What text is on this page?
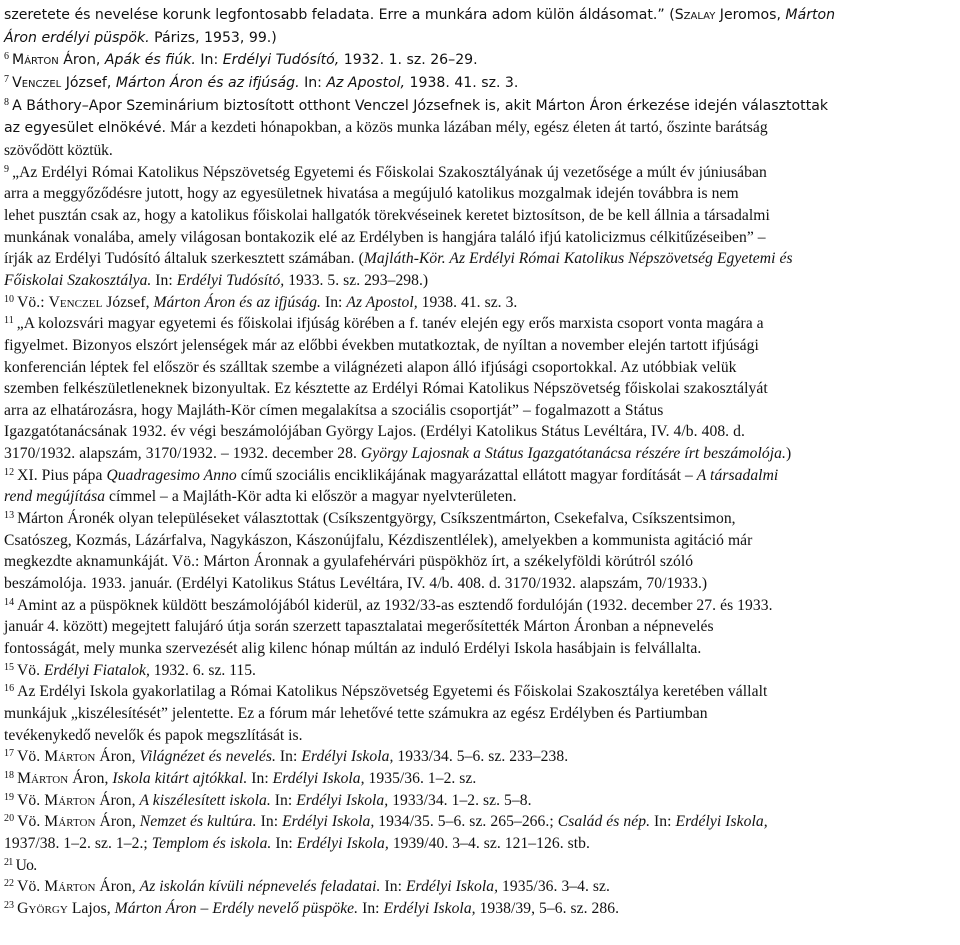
szeretete és nevelése korunk legfontosabb feladata. Erre a munkára adom külön áldásomat.” (Szalay Jeromos, Márton
Áron erdélyi püspök. Párizs, 1953, 99.)
$^6$ Márton Áron, Apák és fiúk. In: Erdélyi Tudósító, 1932. 1. sz. 26–29.
$^7$ Venczel József, Márton Áron és az ifjúság. In: Az Apostol, 1938. 41. sz. 3.
$^8$ A Báthory–Apor Szeminárium biztosított otthont Venczel Józsefnek is, akit Márton Áron érkezése idején választottak
az egyesület elnökévé. Már a kezdeti hónapokban, a közös munka lázában mély, egész életen át tartó, őszinte barátság
szövődött köztük.
$^9$ „Az Erdélyi Római Katolikus Népszövetség Egyetemi és Főiskolai Szakosztályának új vezetősége a múlt év júniusában
arra a meggyőződésre jutott, hogy az egyesületnek hivatása a megújuló katolikus mozgalmak idején továbbra is nem
lehet pusztán csak az, hogy a katolikus főiskolai hallgatók törekvéseinek keretet biztosítson, de be kell állnia a társadalmi
munkának vonalába, amely világosan bontakozik elé az Erdélyben is hangjára találó ifjú katolicizmus célkitűzéseiben” –
írják az Erdélyi Tudósító általuk szerkesztett számában. (Majláth-Kör. Az Erdélyi Római Katolikus Népszövetség Egyetemi és
Főiskolai Szakosztálya. In: Erdélyi Tudósító, 1933. 5. sz. 293–298.)
$^{10}$ Vö.: Venczel József, Márton Áron és az ifjúság. In: Az Apostol, 1938. 41. sz. 3.
$^{11}$ „A kolozsvári magyar egyetemi és főiskolai ifjúság körében a f. tanév elején egy erős marxista csoport vonta magára a
figyelmet. Bizonyos elszórt jelenségek már az előbbi években mutatkoztak, de nyíltan a november elején tartott ifjúsági
konferencián léptek fel először és szálltak szembe a világnézeti alapon álló ifjúsági csoportokkal. Az utóbbiak velük
szemben felkészületleneknek bizonyultak. Ez késztette az Erdélyi Római Katolikus Népszövetség főiskolai szakosztályát
arra az elhatározásra, hogy Majláth-Kör címen megalakítsa a szociális csoportját” – fogalmazott a Státus
Igazgatótanácsának 1932. év végi beszámolójában György Lajos. (Erdélyi Katolikus Státus Levéltára, IV. 4/b. 408. d.
3170/1932. alapszám, 3170/1932. – 1932. december 28. György Lajosnak a Státus Igazgatótanácsa részére írt beszámolója.)
$^{12}$ XI. Pius pápa Quadragesimo Anno című szociális enciklikájának magyarázattal ellátott magyar fordítását – A társadalmi
rend megújítása címmel – a Majláth-Kör adta ki először a magyar nyelvterületen.
$^{13}$ Márton Áronék olyan településeket választottak (Csíkszentgyörgy, Csíkszentmárton, Csekefalva, Csíkszentsimon,
Csatószeg, Kozmás, Lázárfalva, Nagykászon, Kászonújfalu, Kézdiszentlélek), amelyekben a kommunista agitáció már
megkezdte aknamunkáját. Vö.: Márton Áronnak a gyulafehérvári püspökhöz írt, a székelyföldi körútról szóló
beszámolója. 1933. január. (Erdélyi Katolikus Státus Levéltára, IV. 4/b. 408. d. 3170/1932. alapszám, 70/1933.)
$^{14}$ Amint az a püspöknek küldött beszámolójából kiderül, az 1932/33-as esztendő fordulóján (1932. december 27. és 1933.
január 4. között) megejtett falujáró útja során szerzett tapasztalatai megerősítették Márton Áronban a népnevelés
fontosságát, mely munka szervezését alig kilenc hónap múltán az induló Erdélyi Iskola hasábjain is felvállalta.
$^{15}$ Vö. Erdélyi Fiatalok, 1932. 6. sz. 115.
$^{16}$ Az Erdélyi Iskola gyakorlatilag a Római Katolikus Népszövetség Egyetemi és Főiskolai Szakosztálya keretében vállalt
munkájuk „kiszélesítését” jelentette. Ez a fórum már lehetővé tette számukra az egész Erdélyben és Partiumban
tevékenykedő nevelők és papok megszlítását is.
$^{17}$ Vö. Márton Áron, Világnézet és nevelés. In: Erdélyi Iskola, 1933/34. 5–6. sz. 233–238.
$^{18}$ Márton Áron, Iskola kitárt ajtókkal. In: Erdélyi Iskola, 1935/36. 1–2. sz.
$^{19}$ Vö. Márton Áron, A kiszélesített iskola. In: Erdélyi Iskola, 1933/34. 1–2. sz. 5–8.
$^{20}$ Vö. Márton Áron, Nemzet és kultúra. In: Erdélyi Iskola, 1934/35. 5–6. sz. 265–266.; Család és nép. In: Erdélyi Iskola,
1937/38. 1–2. sz. 1–2.; Templom és iskola. In: Erdélyi Iskola, 1939/40. 3–4. sz. 121–126. stb.
$^{21}$ Uo.
$^{22}$ Vö. Márton Áron, Az iskolán kívüli népnevelés feladatai. In: Erdélyi Iskola, 1935/36. 3–4. sz.
$^{23}$ György Lajos, Márton Áron – Erdély nevelő püspöke. In: Erdélyi Iskola, 1938/39, 5–6. sz. 286.
